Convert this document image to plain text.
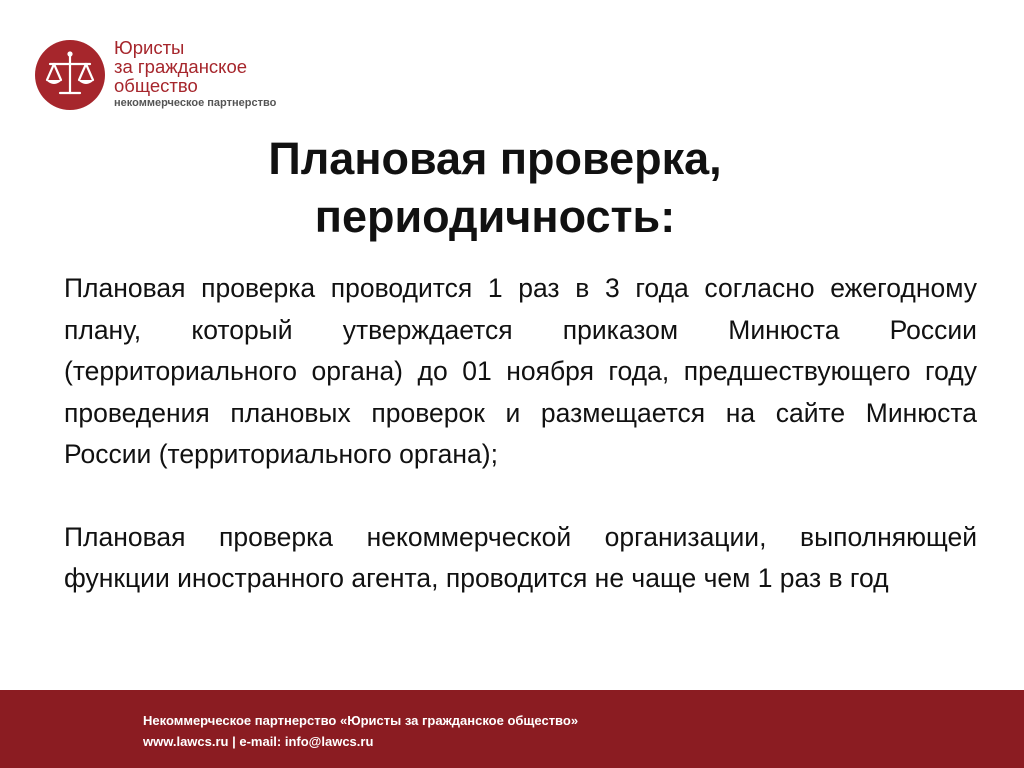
Юристы
за гражданское
общество
некоммерческое партнерство
Плановая проверка,
периодичность:

Плановая проверка проводится 1 раз в 3 года согласно ежегодному плану, который утверждается приказом Минюста России (территориального органа) до 01 ноября года, предшествующего году проведения плановых проверок и размещается на сайте Минюста России (территориального органа);

Плановая проверка некоммерческой организации, выполняющей функции иностранного агента, проводится не чаще чем 1 раз в год

Некоммерческое партнерство «Юристы за гражданское общество»
www.lawcs.ru | e-mail: info@lawcs.ru
